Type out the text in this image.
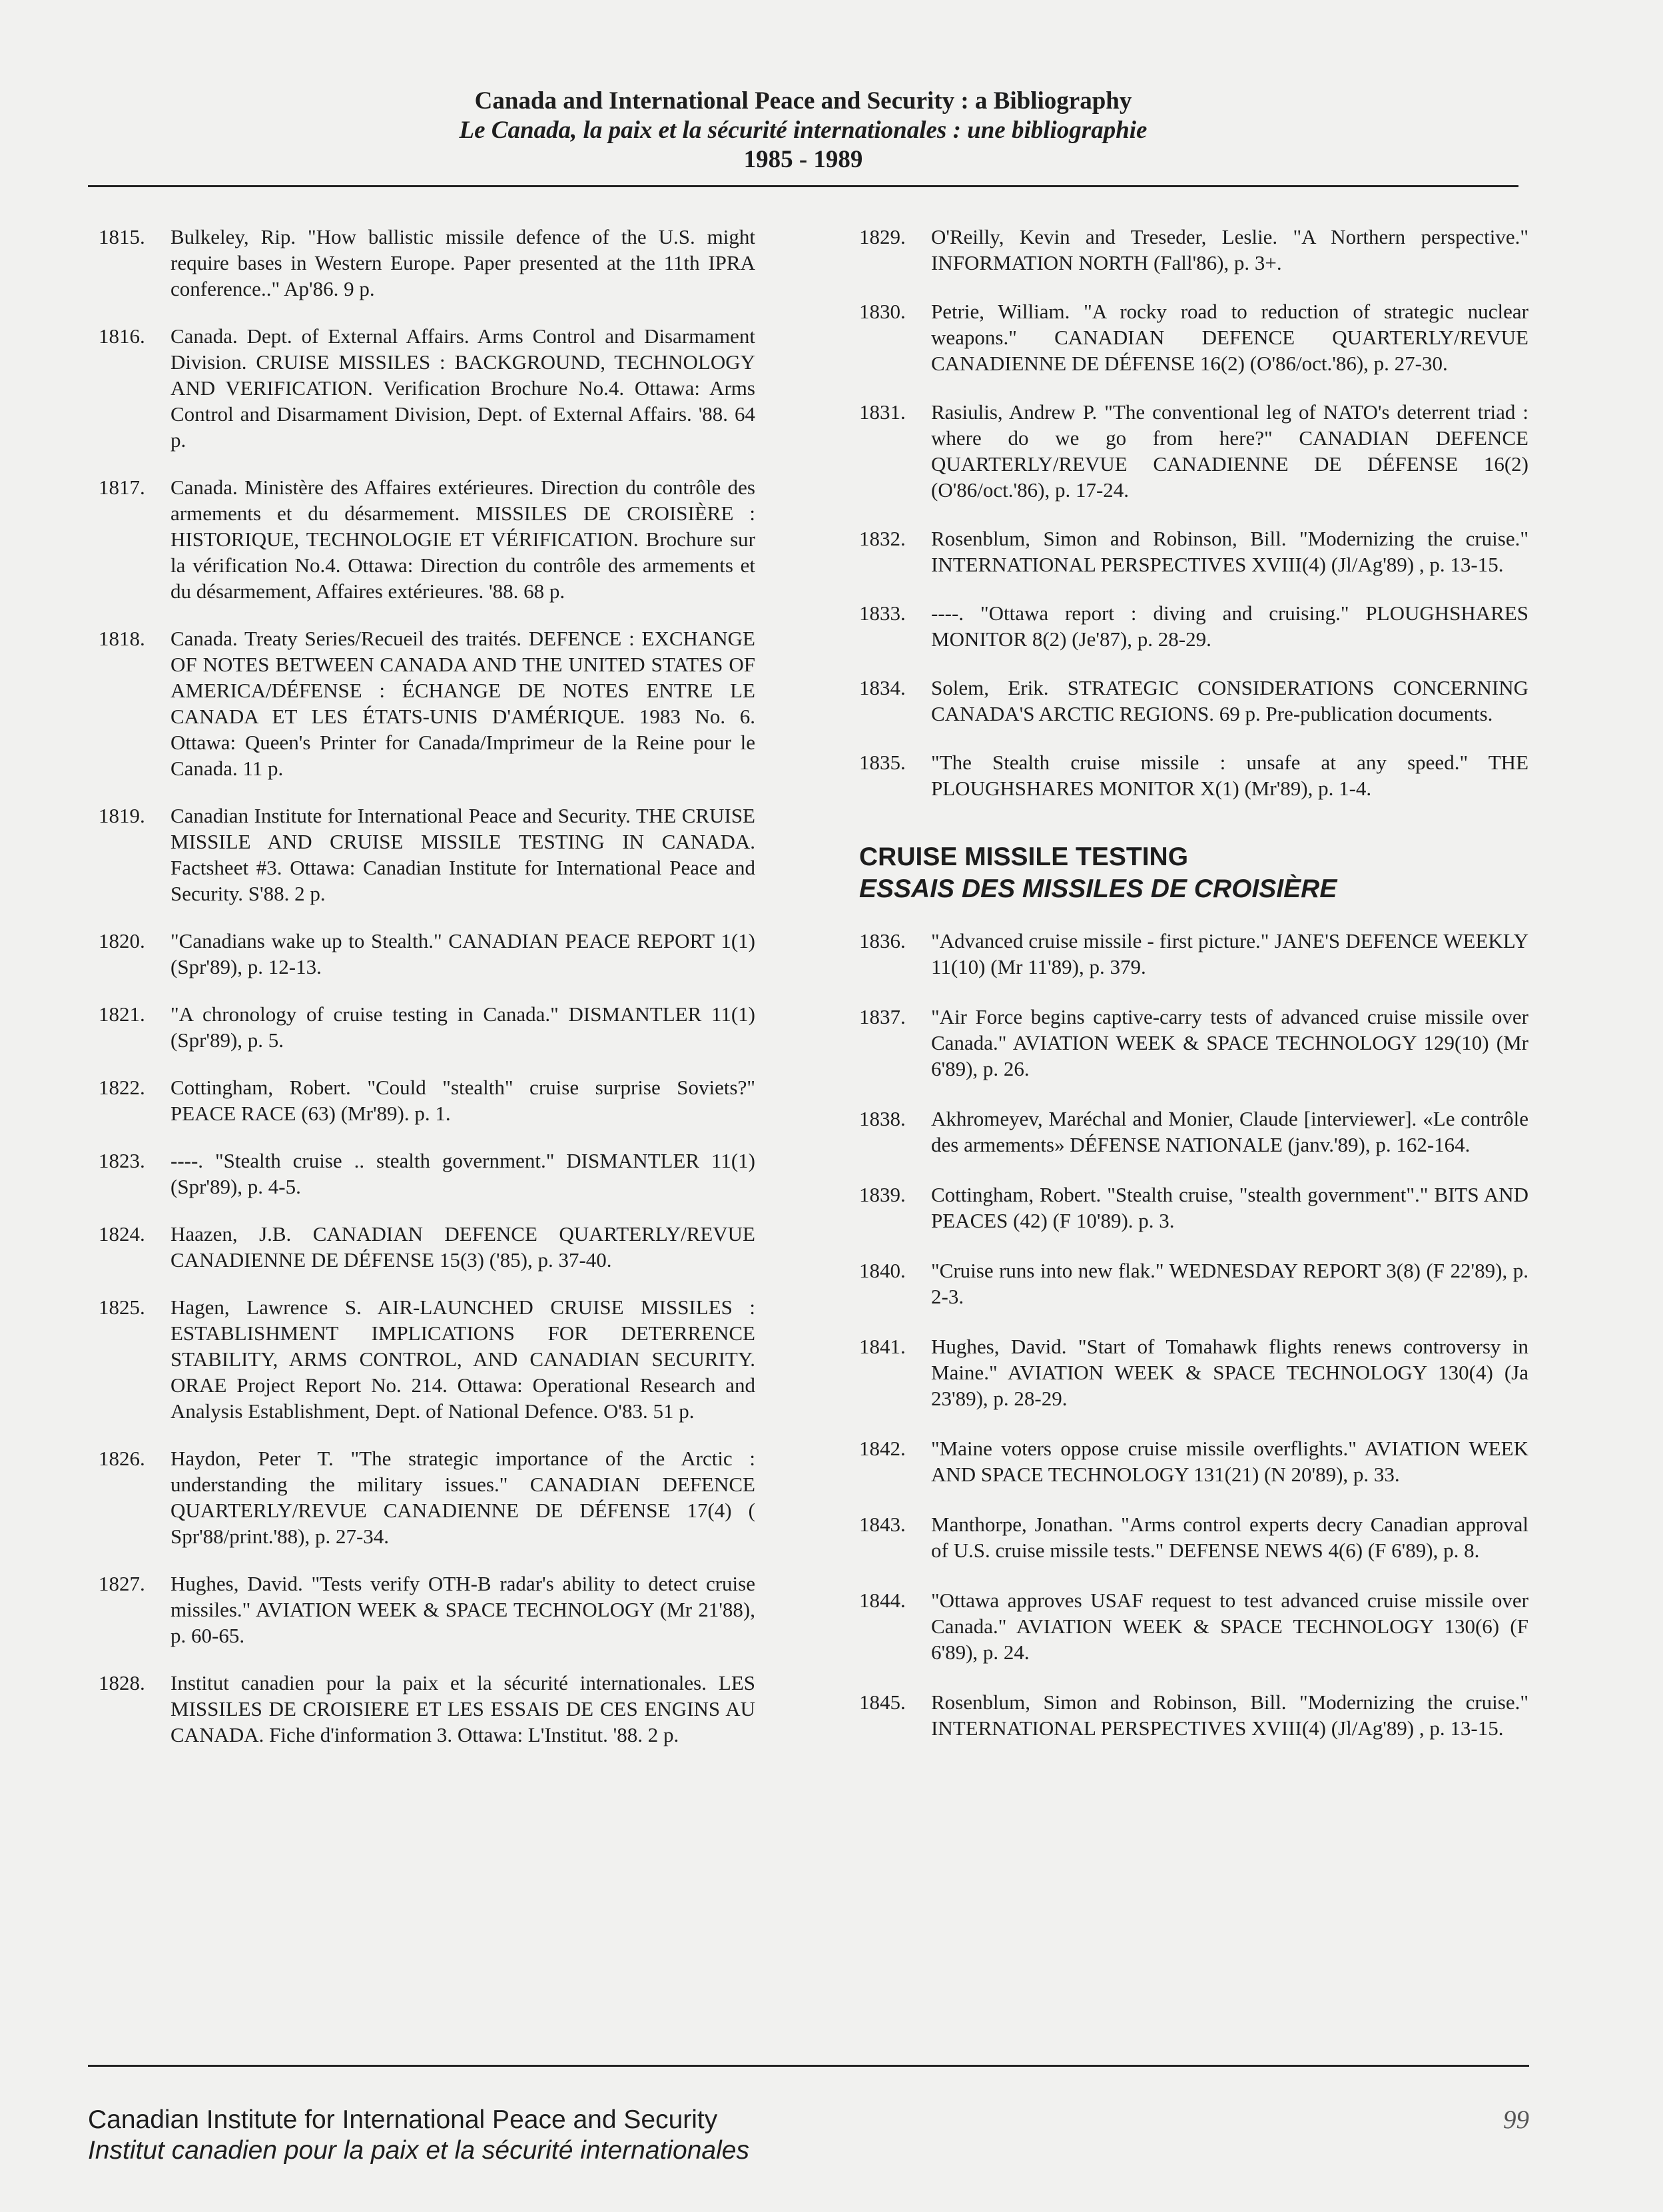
Canada and International Peace and Security : a Bibliography
Le Canada, la paix et la sécurité internationales : une bibliographie
1985 - 1989
1815.	Bulkeley, Rip. "How ballistic missile defence of the U.S. might require bases in Western Europe. Paper presented at the 11th IPRA conference.." Ap'86. 9 p.
1816.	Canada. Dept. of External Affairs. Arms Control and Disarmament Division. CRUISE MISSILES : BACKGROUND, TECHNOLOGY AND VERIFICATION. Verification Brochure No.4. Ottawa: Arms Control and Disarmament Division, Dept. of External Affairs. '88. 64 p.
1817.	Canada. Ministère des Affaires extérieures. Direction du contrôle des armements et du désarmement. MISSILES DE CROISIÈRE : HISTORIQUE, TECHNOLOGIE ET VÉRIFICATION. Brochure sur la vérification No.4. Ottawa: Direction du contrôle des armements et du désarmement, Affaires extérieures. '88. 68 p.
1818.	Canada. Treaty Series/Recueil des traités. DEFENCE : EXCHANGE OF NOTES BETWEEN CANADA AND THE UNITED STATES OF AMERICA/DÉFENSE : ÉCHANGE DE NOTES ENTRE LE CANADA ET LES ÉTATS-UNIS D'AMÉRIQUE. 1983 No. 6. Ottawa: Queen's Printer for Canada/Imprimeur de la Reine pour le Canada. 11 p.
1819.	Canadian Institute for International Peace and Security. THE CRUISE MISSILE AND CRUISE MISSILE TESTING IN CANADA. Factsheet #3. Ottawa: Canadian Institute for International Peace and Security. S'88. 2 p.
1820.	"Canadians wake up to Stealth." CANADIAN PEACE REPORT 1(1) (Spr'89), p. 12-13.
1821.	"A chronology of cruise testing in Canada." DISMANTLER 11(1) (Spr'89), p. 5.
1822.	Cottingham, Robert. "Could "stealth" cruise surprise Soviets?" PEACE RACE (63) (Mr'89). p. 1.
1823.	----. "Stealth cruise .. stealth government." DISMANTLER 11(1) (Spr'89), p. 4-5.
1824.	Haazen, J.B. CANADIAN DEFENCE QUARTERLY/REVUE CANADIENNE DE DÉFENSE 15(3) ('85), p. 37-40.
1825.	Hagen, Lawrence S. AIR-LAUNCHED CRUISE MISSILES : ESTABLISHMENT IMPLICATIONS FOR DETERRENCE STABILITY, ARMS CONTROL, AND CANADIAN SECURITY. ORAE Project Report No. 214. Ottawa: Operational Research and Analysis Establishment, Dept. of National Defence. O'83. 51 p.
1826.	Haydon, Peter T. "The strategic importance of the Arctic : understanding the military issues." CANADIAN DEFENCE QUARTERLY/REVUE CANADIENNE DE DÉFENSE 17(4) ( Spr'88/print.'88), p. 27-34.
1827.	Hughes, David. "Tests verify OTH-B radar's ability to detect cruise missiles." AVIATION WEEK & SPACE TECHNOLOGY (Mr 21'88), p. 60-65.
1828.	Institut canadien pour la paix et la sécurité internationales. LES MISSILES DE CROISIERE ET LES ESSAIS DE CES ENGINS AU CANADA. Fiche d'information 3. Ottawa: L'Institut. '88. 2 p.
1829.	O'Reilly, Kevin and Treseder, Leslie. "A Northern perspective." INFORMATION NORTH (Fall'86), p. 3+.
1830.	Petrie, William. "A rocky road to reduction of strategic nuclear weapons." CANADIAN DEFENCE QUARTERLY/REVUE CANADIENNE DE DÉFENSE 16(2) (O'86/oct.'86), p. 27-30.
1831.	Rasiulis, Andrew P. "The conventional leg of NATO's deterrent triad : where do we go from here?" CANADIAN DEFENCE QUARTERLY/REVUE CANADIENNE DE DÉFENSE 16(2) (O'86/oct.'86), p. 17-24.
1832.	Rosenblum, Simon and Robinson, Bill. "Modernizing the cruise." INTERNATIONAL PERSPECTIVES XVIII(4) (Jl/Ag'89) , p. 13-15.
1833.	----. "Ottawa report : diving and cruising." PLOUGHSHARES MONITOR 8(2) (Je'87), p. 28-29.
1834.	Solem, Erik. STRATEGIC CONSIDERATIONS CONCERNING CANADA'S ARCTIC REGIONS. 69 p. Pre-publication documents.
1835.	"The Stealth cruise missile : unsafe at any speed." THE PLOUGHSHARES MONITOR X(1) (Mr'89), p. 1-4.
CRUISE MISSILE TESTING
ESSAIS DES MISSILES DE CROISIÈRE
1836.	"Advanced cruise missile - first picture." JANE'S DEFENCE WEEKLY 11(10) (Mr 11'89), p. 379.
1837.	"Air Force begins captive-carry tests of advanced cruise missile over Canada." AVIATION WEEK & SPACE TECHNOLOGY 129(10) (Mr 6'89), p. 26.
1838.	Akhromeyev, Maréchal and Monier, Claude [interviewer]. «Le contrôle des armements» DÉFENSE NATIONALE (janv.'89), p. 162-164.
1839.	Cottingham, Robert. "Stealth cruise, "stealth government"." BITS AND PEACES (42) (F 10'89). p. 3.
1840.	"Cruise runs into new flak." WEDNESDAY REPORT 3(8) (F 22'89), p. 2-3.
1841.	Hughes, David. "Start of Tomahawk flights renews controversy in Maine." AVIATION WEEK & SPACE TECHNOLOGY 130(4) (Ja 23'89), p. 28-29.
1842.	"Maine voters oppose cruise missile overflights." AVIATION WEEK AND SPACE TECHNOLOGY 131(21) (N 20'89), p. 33.
1843.	Manthorpe, Jonathan. "Arms control experts decry Canadian approval of U.S. cruise missile tests." DEFENSE NEWS 4(6) (F 6'89), p. 8.
1844.	"Ottawa approves USAF request to test advanced cruise missile over Canada." AVIATION WEEK & SPACE TECHNOLOGY 130(6) (F 6'89), p. 24.
1845.	Rosenblum, Simon and Robinson, Bill. "Modernizing the cruise." INTERNATIONAL PERSPECTIVES XVIII(4) (Jl/Ag'89) , p. 13-15.
Canadian Institute for International Peace and Security
Institut canadien pour la paix et la sécurité internationales
99
